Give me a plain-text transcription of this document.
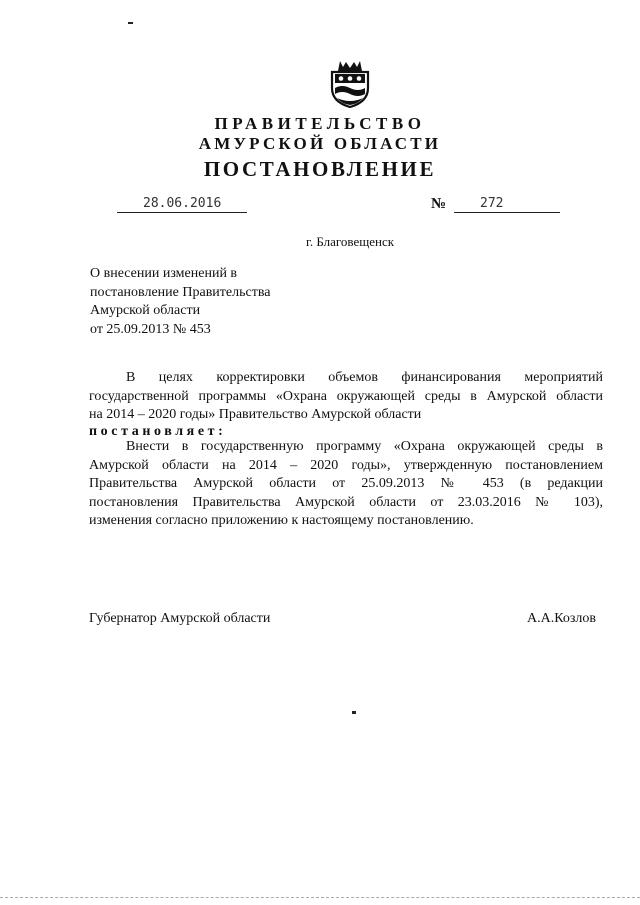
ПРАВИТЕЛЬСТВО
АМУРСКОЙ ОБЛАСТИ
ПОСТАНОВЛЕНИЕ
28.06.2016	№	272
г. Благовещенск
О внесении изменений в
постановление Правительства
Амурской области
от 25.09.2013 № 453
В целях корректировки объемов финансирования мероприятий
государственной программы «Охрана окружающей среды в Амурской области
на 2014 – 2020 годы» Правительство Амурской области
постановляет:
Внести в государственную программу «Охрана окружающей среды в
Амурской области на 2014 – 2020 годы», утвержденную постановлением
Правительства Амурской области от 25.09.2013 № 453 (в редакции
постановления Правительства Амурской области от 23.03.2016 № 103),
изменения согласно приложению к настоящему постановлению.
Губернатор Амурской области	А.А.Козлов
